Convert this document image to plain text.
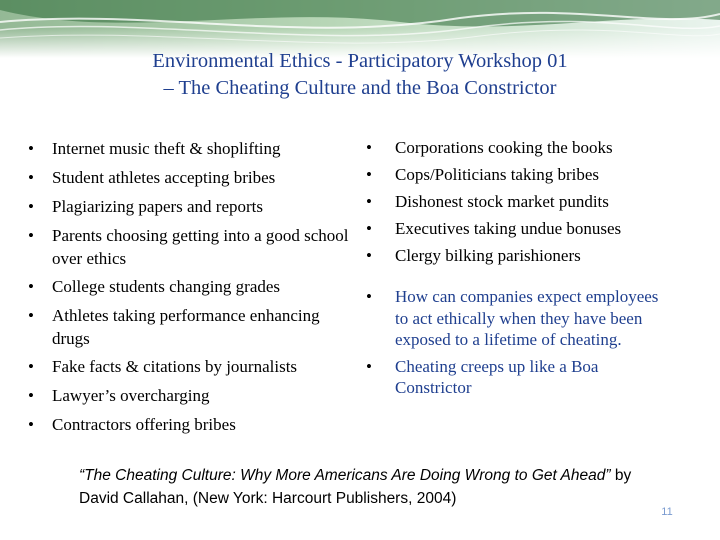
Environmental Ethics - Participatory Workshop 01
– The Cheating Culture and the Boa Constrictor
• Internet music theft & shoplifting
• Student athletes accepting bribes
• Plagiarizing papers and reports
• Parents choosing getting into a good school over ethics
• College students changing grades
• Athletes taking performance enhancing drugs
• Fake facts & citations by journalists
• Lawyer’s overcharging
• Contractors offering bribes
• Corporations cooking the books
• Cops/Politicians taking bribes
• Dishonest stock market pundits
• Executives taking undue bonuses
• Clergy bilking parishioners
• How can companies expect employees to act ethically when they have been exposed to a lifetime of cheating.
• Cheating creeps up like a Boa Constrictor
“The Cheating Culture: Why More Americans Are Doing Wrong to Get Ahead” by David Callahan, (New York: Harcourt Publishers, 2004)
11
